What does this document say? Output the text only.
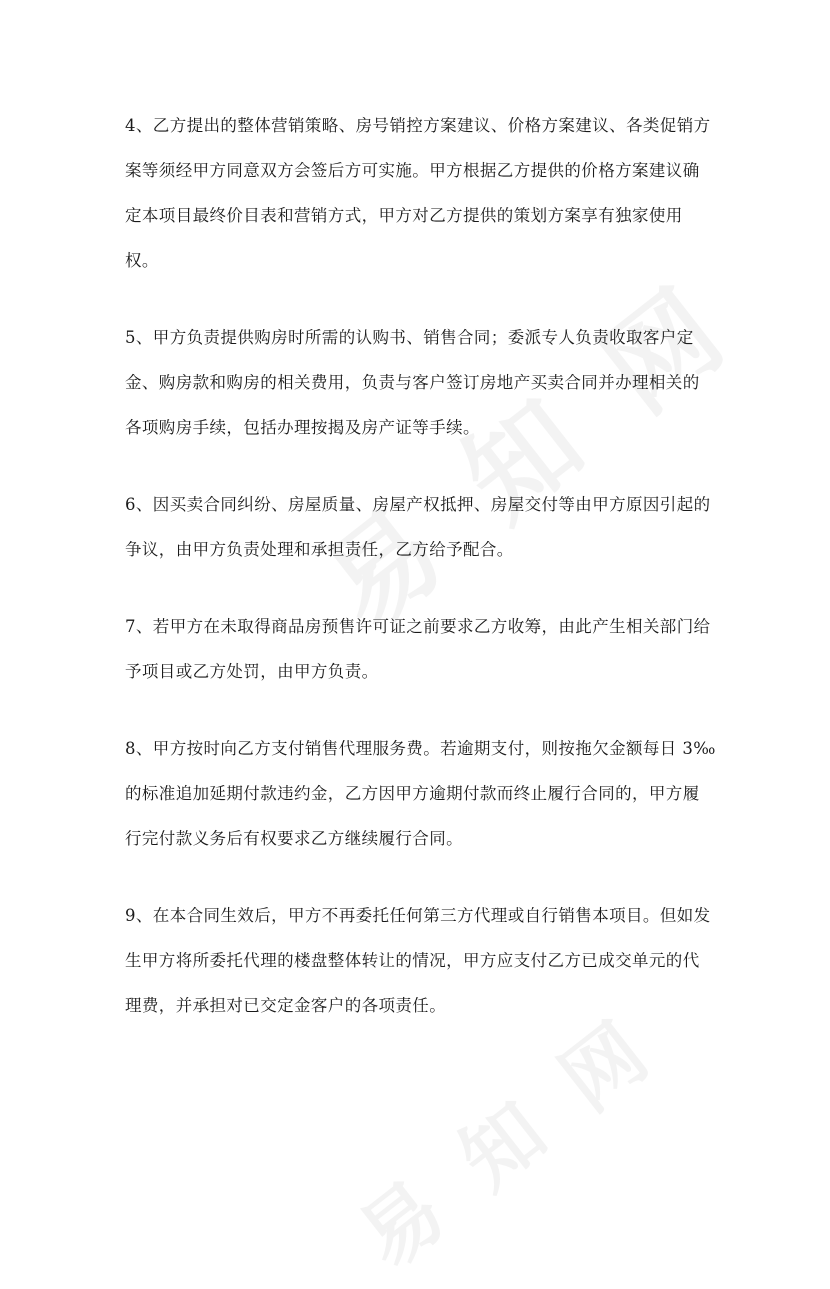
4、乙方提出的整体营销策略、房号销控方案建议、价格方案建议、各类促销方
案等须经甲方同意双方会签后方可实施。甲方根据乙方提供的价格方案建议确
定本项目最终价目表和营销方式，甲方对乙方提供的策划方案享有独家使用
权。

5、甲方负责提供购房时所需的认购书、销售合同；委派专人负责收取客户定
金、购房款和购房的相关费用，负责与客户签订房地产买卖合同并办理相关的
各项购房手续，包括办理按揭及房产证等手续。

6、因买卖合同纠纷、房屋质量、房屋产权抵押、房屋交付等由甲方原因引起的
争议，由甲方负责处理和承担责任，乙方给予配合。

7、若甲方在未取得商品房预售许可证之前要求乙方收筹，由此产生相关部门给
予项目或乙方处罚，由甲方负责。

8、甲方按时向乙方支付销售代理服务费。若逾期支付，则按拖欠金额每日 3‰
的标准追加延期付款违约金，乙方因甲方逾期付款而终止履行合同的，甲方履
行完付款义务后有权要求乙方继续履行合同。

9、在本合同生效后，甲方不再委托任何第三方代理或自行销售本项目。但如发
生甲方将所委托代理的楼盘整体转让的情况，甲方应支付乙方已成交单元的代
理费，并承担对已交定金客户的各项责任。
